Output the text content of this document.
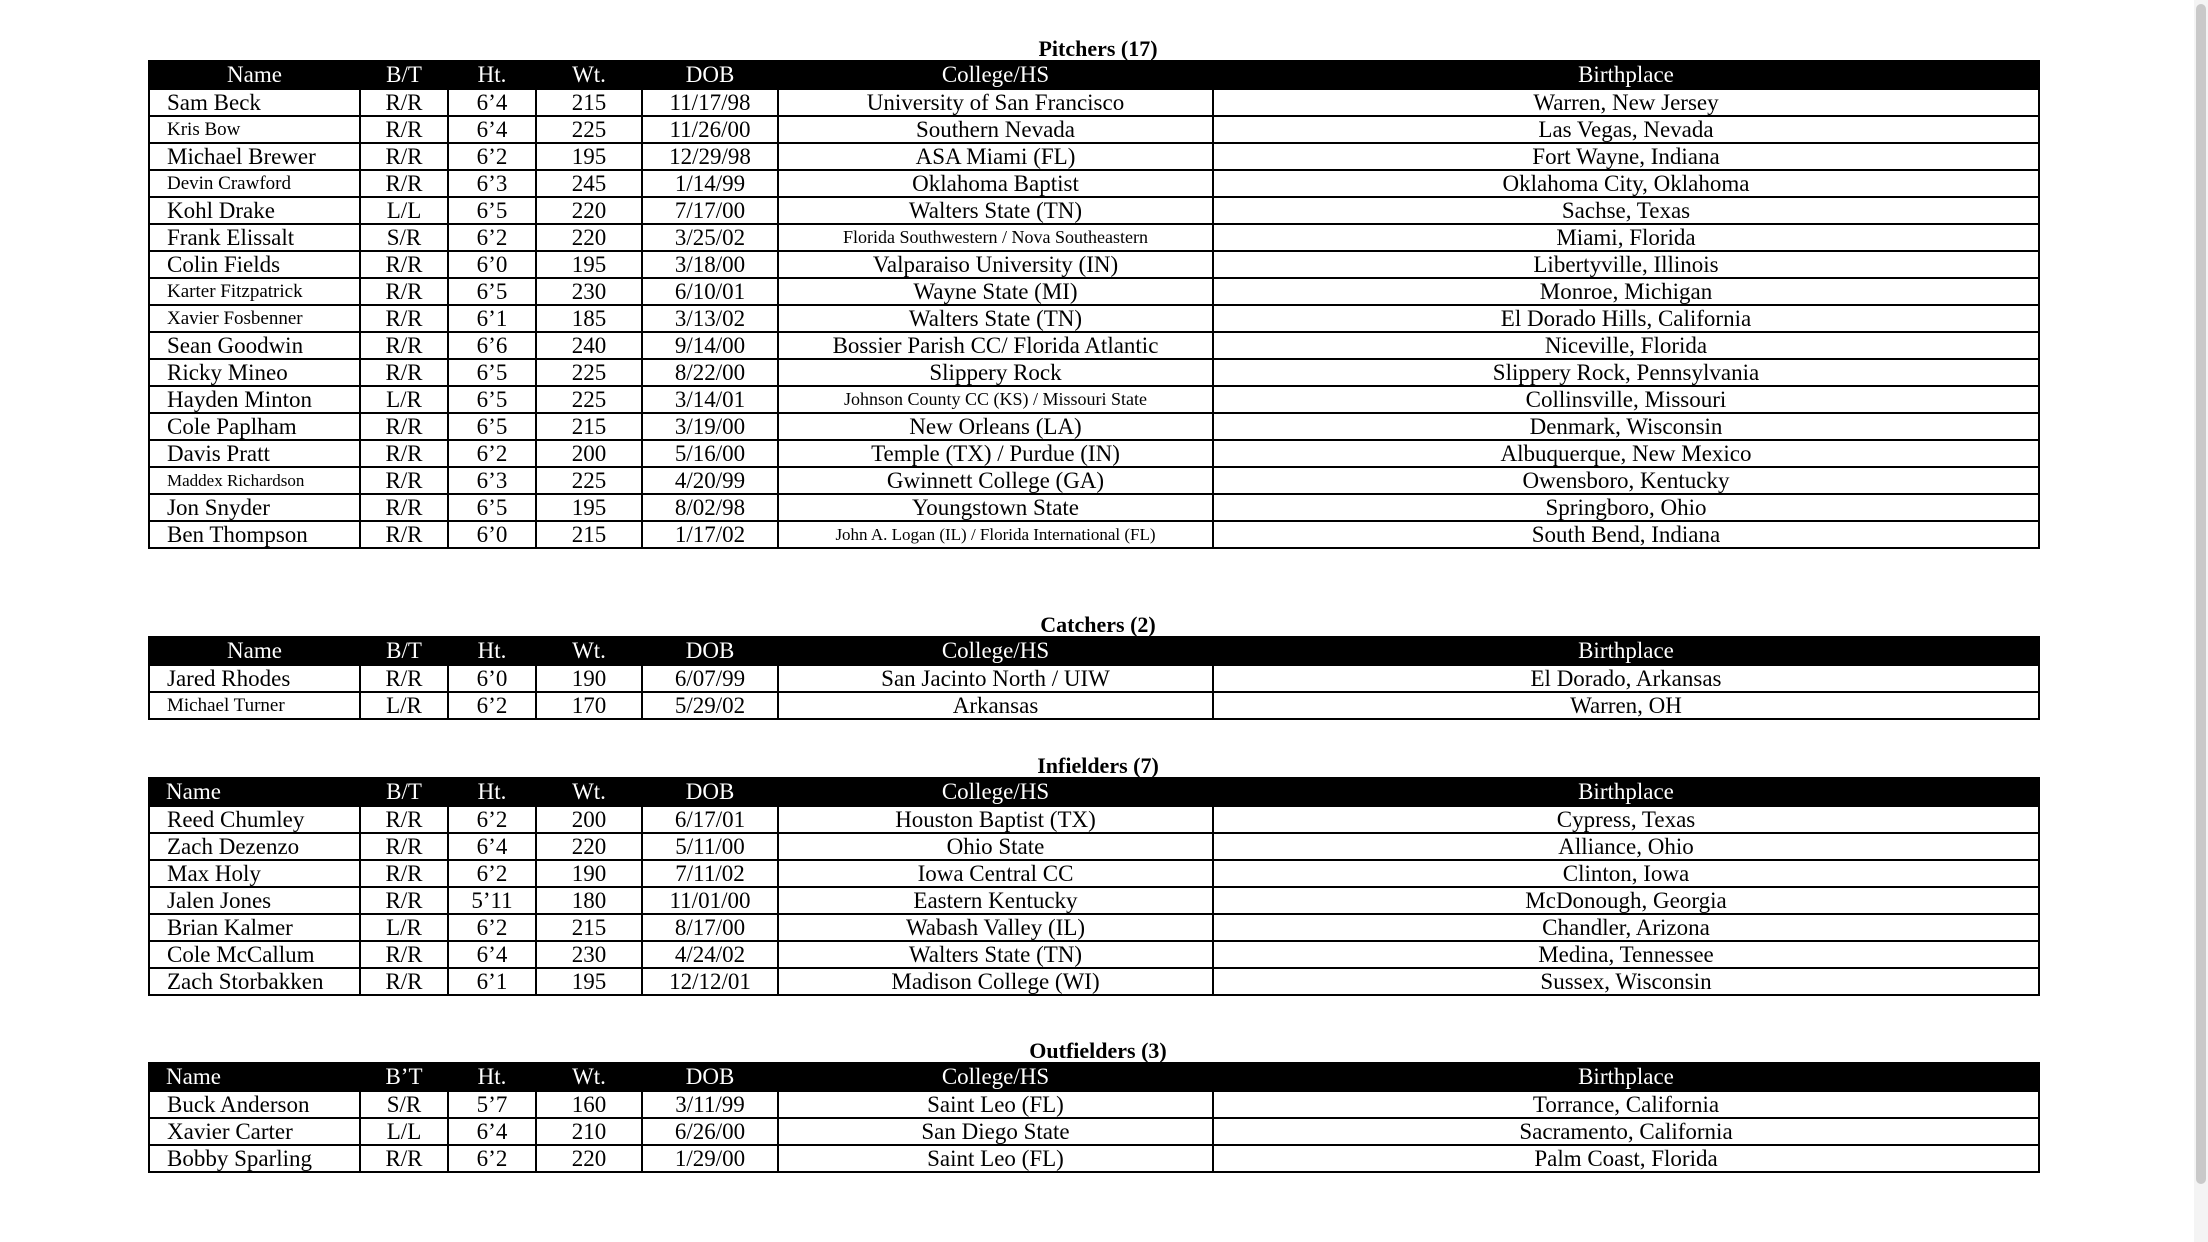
Pitchers (17)
Name	B/T	Ht.	Wt.	DOB	College/HS	Birthplace
Sam Beck	R/R	6’4	215	11/17/98	University of San Francisco	Warren, New Jersey
Kris Bow	R/R	6’4	225	11/26/00	Southern Nevada	Las Vegas, Nevada
Michael Brewer	R/R	6’2	195	12/29/98	ASA Miami (FL)	Fort Wayne, Indiana
Devin Crawford	R/R	6’3	245	1/14/99	Oklahoma Baptist	Oklahoma City, Oklahoma
Kohl Drake	L/L	6’5	220	7/17/00	Walters State (TN)	Sachse, Texas
Frank Elissalt	S/R	6’2	220	3/25/02	Florida Southwestern / Nova Southeastern	Miami, Florida
Colin Fields	R/R	6’0	195	3/18/00	Valparaiso University (IN)	Libertyville, Illinois
Karter Fitzpatrick	R/R	6’5	230	6/10/01	Wayne State (MI)	Monroe, Michigan
Xavier Fosbenner	R/R	6’1	185	3/13/02	Walters State (TN)	El Dorado Hills, California
Sean Goodwin	R/R	6’6	240	9/14/00	Bossier Parish CC/ Florida Atlantic	Niceville, Florida
Ricky Mineo	R/R	6’5	225	8/22/00	Slippery Rock	Slippery Rock, Pennsylvania
Hayden Minton	L/R	6’5	225	3/14/01	Johnson County CC (KS) / Missouri State	Collinsville, Missouri
Cole Paplham	R/R	6’5	215	3/19/00	New Orleans (LA)	Denmark, Wisconsin
Davis Pratt	R/R	6’2	200	5/16/00	Temple (TX) / Purdue (IN)	Albuquerque, New Mexico
Maddex Richardson	R/R	6’3	225	4/20/99	Gwinnett College (GA)	Owensboro, Kentucky
Jon Snyder	R/R	6’5	195	8/02/98	Youngstown State	Springboro, Ohio
Ben Thompson	R/R	6’0	215	1/17/02	John A. Logan (IL) / Florida International (FL)	South Bend, Indiana
Catchers (2)
Name	B/T	Ht.	Wt.	DOB	College/HS	Birthplace
Jared Rhodes	R/R	6’0	190	6/07/99	San Jacinto North / UIW	El Dorado, Arkansas
Michael Turner	L/R	6’2	170	5/29/02	Arkansas	Warren, OH
Infielders (7)
Name	B/T	Ht.	Wt.	DOB	College/HS	Birthplace
Reed Chumley	R/R	6’2	200	6/17/01	Houston Baptist (TX)	Cypress, Texas
Zach Dezenzo	R/R	6’4	220	5/11/00	Ohio State	Alliance, Ohio
Max Holy	R/R	6’2	190	7/11/02	Iowa Central CC	Clinton, Iowa
Jalen Jones	R/R	5’11	180	11/01/00	Eastern Kentucky	McDonough, Georgia
Brian Kalmer	L/R	6’2	215	8/17/00	Wabash Valley (IL)	Chandler, Arizona
Cole McCallum	R/R	6’4	230	4/24/02	Walters State (TN)	Medina, Tennessee
Zach Storbakken	R/R	6’1	195	12/12/01	Madison College (WI)	Sussex, Wisconsin
Outfielders (3)
Name	B’T	Ht.	Wt.	DOB	College/HS	Birthplace
Buck Anderson	S/R	5’7	160	3/11/99	Saint Leo (FL)	Torrance, California
Xavier Carter	L/L	6’4	210	6/26/00	San Diego State	Sacramento, California
Bobby Sparling	R/R	6’2	220	1/29/00	Saint Leo (FL)	Palm Coast, Florida
